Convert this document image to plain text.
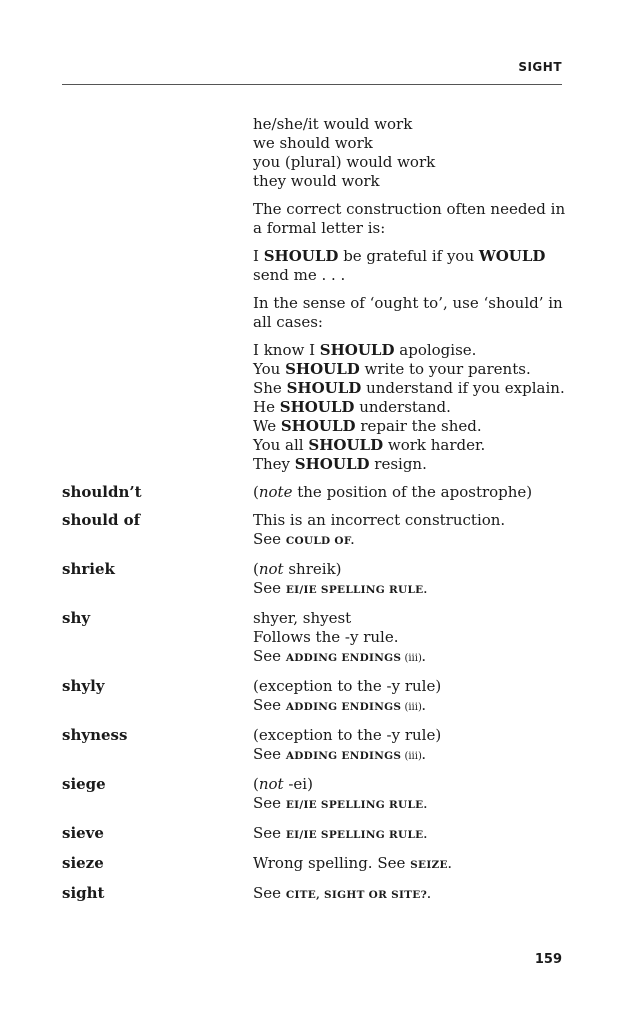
SIGHT

he/she/it would work
we should work
you (plural) would work
they would work

The correct construction often needed in
a formal letter is:

I SHOULD be grateful if you WOULD
send me . . .

In the sense of ‘ought to’, use ‘should’ in
all cases:

I know I SHOULD apologise.
You SHOULD write to your parents.
She SHOULD understand if you explain.
He SHOULD understand.
We SHOULD repair the shed.
You all SHOULD work harder.
They SHOULD resign.

shouldn’t	(note the position of the apostrophe)
should of	This is an incorrect construction.
See COULD OF.
shriek	(not shreik)
See EI/IE SPELLING RULE.
shy	shyer, shyest
Follows the -y rule.
See ADDING ENDINGS (iii).
shyly	(exception to the -y rule)
See ADDING ENDINGS (iii).
shyness	(exception to the -y rule)
See ADDING ENDINGS (iii).
siege	(not -ei)
See EI/IE SPELLING RULE.
sieve	See EI/IE SPELLING RULE.
sieze	Wrong spelling. See SEIZE.
sight	See CITE, SIGHT OR SITE?.
159
